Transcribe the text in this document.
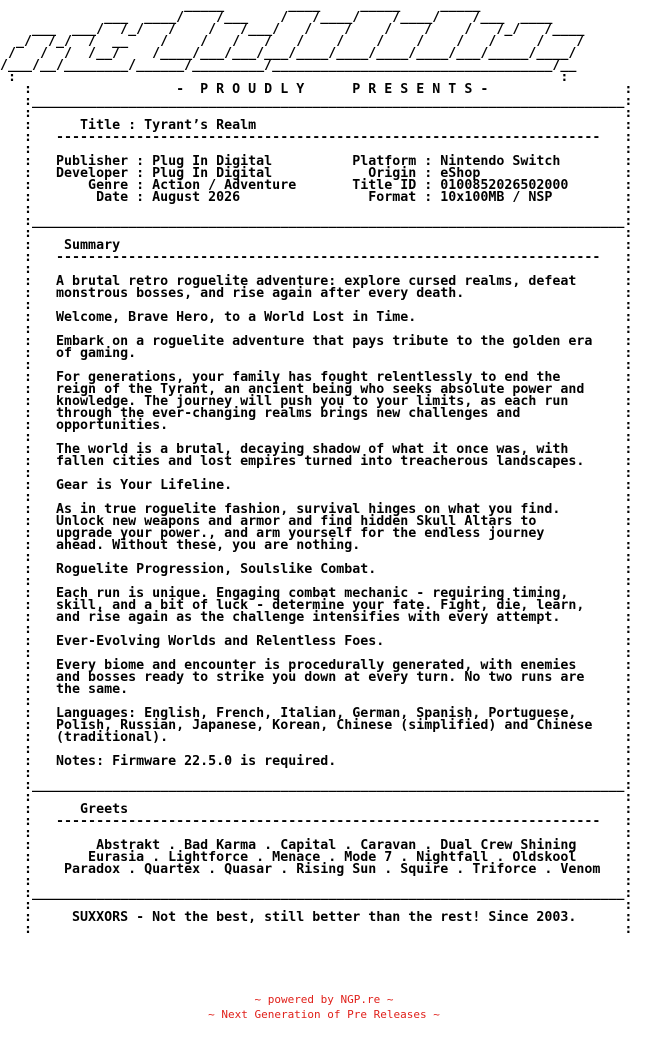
_____        ____     _____     _____
___  ____/    /___    /   /____/    /____/    /___  ____
___  ___/  /_/   /    /   /___/   /    /    /    /    /   /_/   /____
_/  /_/  /  __    /    /   /   /   /    /    /    /    /   /     /    /
/   /  /  /__/    /____/___/___/___/____/____/____/____/___/_____/____/
/___/__/________/______/_________/___________________________________/__
:                                                                    :
:                  -  P R O U D L Y      P R E S E N T S -                 :
:__________________________________________________________________________:
:                                                                          :
:      Title : Tyrant’s Realm                                              :
:   --------------------------------------------------------------------   :
:                                                                          :
:   Publisher : Plug In Digital          Platform : Nintendo Switch        :
:   Developer : Plug In Digital            Origin : eShop                  :
:       Genre : Action / Adventure       Title ID : 0100852026502000       :
:        Date : August 2026                Format : 10x100MB / NSP         :
:                                                                          :
:__________________________________________________________________________:
:                                                                          :
:    Summary                                                               :
:   --------------------------------------------------------------------   :
:                                                                          :
:   A brutal retro roguelite adventure: explore cursed realms, defeat      :
:   monstrous bosses, and rise again after every death.                    :
:                                                                          :
:   Welcome, Brave Hero, to a World Lost in Time.                          :
:                                                                          :
:   Embark on a roguelite adventure that pays tribute to the golden era    :
:   of gaming.                                                             :
:                                                                          :
:   For generations, your family has fought relentlessly to end the        :
:   reign of the Tyrant, an ancient being who seeks absolute power and     :
:   knowledge. The journey will push you to your limits, as each run       :
:   through the ever-changing realms brings new challenges and             :
:   opportunities.                                                         :
:                                                                          :
:   The world is a brutal, decaying shadow of what it once was, with       :
:   fallen cities and lost empires turned into treacherous landscapes.     :
:                                                                          :
:   Gear is Your Lifeline.                                                 :
:                                                                          :
:   As in true roguelite fashion, survival hinges on what you find.        :
:   Unlock new weapons and armor and find hidden Skull Altars to           :
:   upgrade your power., and arm yourself for the endless journey          :
:   ahead. Without these, you are nothing.                                 :
:                                                                          :
:   Roguelite Progression, Soulslike Combat.                               :
:                                                                          :
:   Each run is unique. Engaging combat mechanic - requiring timing,       :
:   skill, and a bit of luck - determine your fate. Fight, die, learn,     :
:   and rise again as the challenge intensifies with every attempt.        :
:                                                                          :
:   Ever-Evolving Worlds and Relentless Foes.                              :
:                                                                          :
:   Every biome and encounter is procedurally generated, with enemies      :
:   and bosses ready to strike you down at every turn. No two runs are     :
:   the same.                                                              :
:                                                                          :
:   Languages: English, French, Italian, German, Spanish, Portuguese,      :
:   Polish, Russian, Japanese, Korean, Chinese (simplified) and Chinese    :
:   (traditional).                                                         :
:                                                                          :
:   Notes: Firmware 22.5.0 is required.                                    :
:                                                                          :
:__________________________________________________________________________:
:                                                                          :
:      Greets                                                              :
:   --------------------------------------------------------------------   :
:                                                                          :
:        Abstrakt . Bad Karma . Capital . Caravan . Dual Crew Shining      :
:       Eurasia . Lightforce . Menace . Mode 7 . Nightfall . Oldskool      :
:    Paradox . Quartex . Quasar . Rising Sun . Squire . Triforce . Venom   :
:                                                                          :
:__________________________________________________________________________:
:                                                                          :
:     SUXXORS - Not the best, still better than the rest! Since 2003.      :
:                                                                          :

~ powered by NGP.re ~
~ Next Generation of Pre Releases ~
